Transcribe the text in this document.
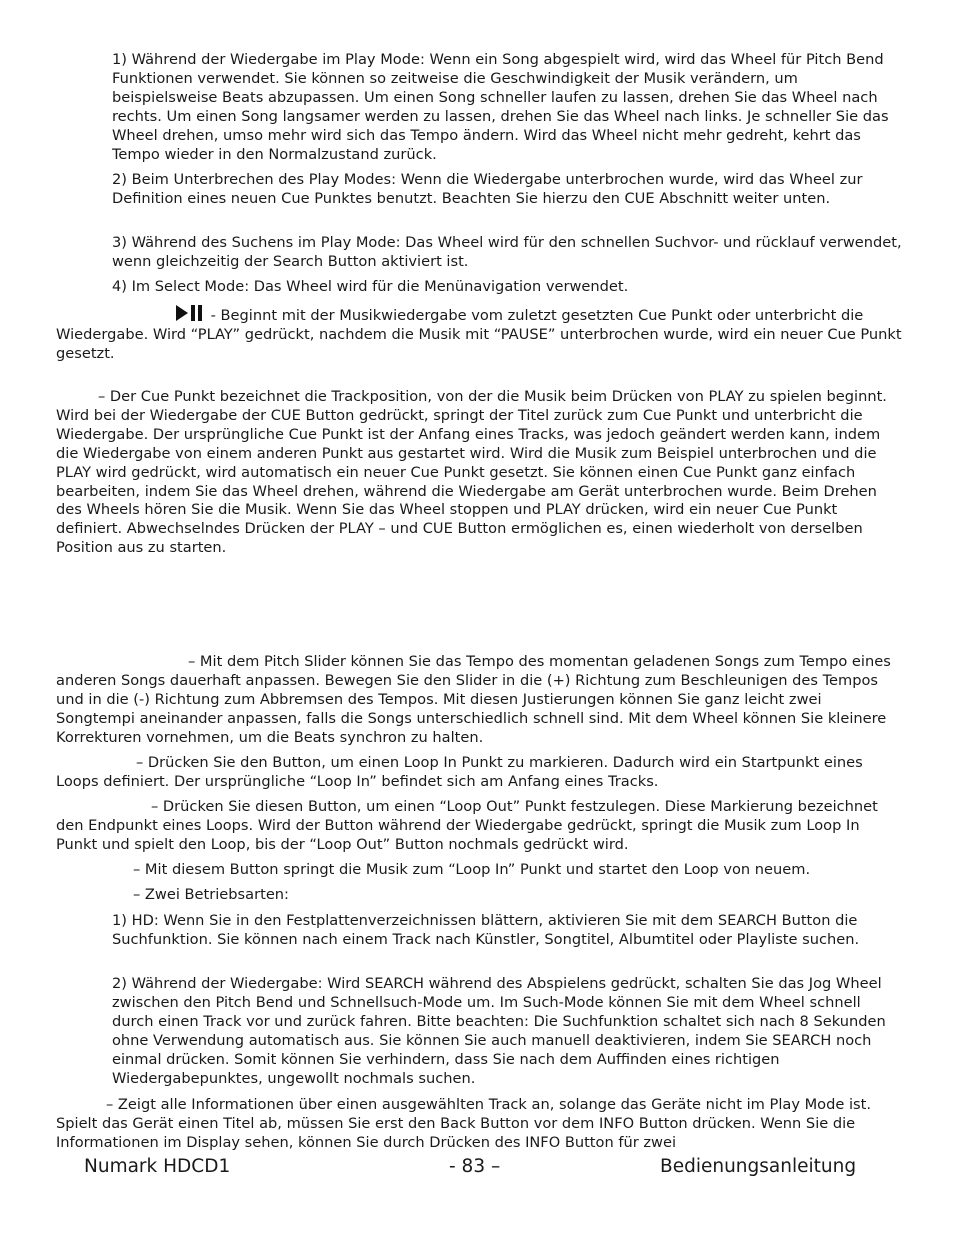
1) Während der Wiedergabe im Play Mode: Wenn ein Song abgespielt wird, wird das Wheel für Pitch Bend Funktionen verwendet. Sie können so zeitweise die Geschwindigkeit der Musik verändern, um beispielsweise Beats abzupassen. Um einen Song schneller laufen zu lassen, drehen Sie das Wheel nach rechts. Um einen Song langsamer werden zu lassen, drehen Sie das Wheel nach links. Je schneller Sie das Wheel drehen, umso mehr wird sich das Tempo ändern. Wird das Wheel nicht mehr gedreht, kehrt das Tempo wieder in den Normalzustand zurück.

2) Beim Unterbrechen des Play Modes: Wenn die Wiedergabe unterbrochen wurde, wird das Wheel zur Definition eines neuen Cue Punktes benutzt. Beachten Sie hierzu den CUE Abschnitt weiter unten.

3) Während des Suchens im Play Mode: Das Wheel wird für den schnellen Suchvor- und rücklauf verwendet, wenn gleichzeitig der Search Button aktiviert ist.

4) Im Select Mode: Das Wheel wird für die Menünavigation verwendet.

- Beginnt mit der Musikwiedergabe vom zuletzt gesetzten Cue Punkt oder unterbricht die Wiedergabe. Wird “PLAY” gedrückt, nachdem die Musik mit “PAUSE” unterbrochen wurde, wird ein neuer Cue Punkt gesetzt.

– Der Cue Punkt bezeichnet die Trackposition, von der die Musik beim Drücken von PLAY zu spielen beginnt. Wird bei der Wiedergabe der CUE Button gedrückt, springt der Titel zurück zum Cue Punkt und unterbricht die Wiedergabe. Der ursprüngliche Cue Punkt ist der Anfang eines Tracks, was jedoch geändert werden kann, indem die Wiedergabe von einem anderen Punkt aus gestartet wird. Wird die Musik zum Beispiel unterbrochen und die PLAY wird gedrückt, wird automatisch ein neuer Cue Punkt gesetzt. Sie können einen Cue Punkt ganz einfach bearbeiten, indem Sie das Wheel drehen, während die Wiedergabe am Gerät unterbrochen wurde. Beim Drehen des Wheels hören Sie die Musik. Wenn Sie das Wheel stoppen und PLAY drücken, wird ein neuer Cue Punkt definiert. Abwechselndes Drücken der PLAY – und CUE Button ermöglichen es, einen wiederholt von derselben Position aus zu starten.

– Mit dem Pitch Slider können Sie das Tempo des momentan geladenen Songs zum Tempo eines anderen Songs dauerhaft anpassen. Bewegen Sie den Slider in die (+) Richtung zum Beschleunigen des Tempos und in die (-) Richtung zum Abbremsen des Tempos. Mit diesen Justierungen können Sie ganz leicht zwei Songtempi aneinander anpassen, falls die Songs unterschiedlich schnell sind. Mit dem Wheel können Sie kleinere Korrekturen vornehmen, um die Beats synchron zu halten.

– Drücken Sie den Button, um einen Loop In Punkt zu markieren. Dadurch wird ein Startpunkt eines Loops definiert. Der ursprüngliche “Loop In” befindet sich am Anfang eines Tracks.

– Drücken Sie diesen Button, um einen “Loop Out” Punkt festzulegen. Diese Markierung bezeichnet den Endpunkt eines Loops. Wird der Button während der Wiedergabe gedrückt, springt die Musik zum Loop In Punkt und spielt den Loop, bis der “Loop Out” Button nochmals gedrückt wird.

– Mit diesem Button springt die Musik zum “Loop In” Punkt und startet den Loop von neuem.

– Zwei Betriebsarten:

1) HD: Wenn Sie in den Festplattenverzeichnissen blättern, aktivieren Sie mit dem SEARCH Button die Suchfunktion. Sie können nach einem Track nach Künstler, Songtitel, Albumtitel oder Playliste suchen.

2) Während der Wiedergabe: Wird SEARCH während des Abspielens gedrückt, schalten Sie das Jog Wheel zwischen den Pitch Bend und Schnellsuch-Mode um. Im Such-Mode können Sie mit dem Wheel schnell durch einen Track vor und zurück fahren. Bitte beachten: Die Suchfunktion schaltet sich nach 8 Sekunden ohne Verwendung automatisch aus. Sie können Sie auch manuell deaktivieren, indem Sie SEARCH noch einmal drücken. Somit können Sie verhindern, dass Sie nach dem Auffinden eines richtigen Wiedergabepunktes, ungewollt nochmals suchen.

– Zeigt alle Informationen über einen ausgewählten Track an, solange das Geräte nicht im Play Mode ist. Spielt das Gerät einen Titel ab, müssen Sie erst den Back Button vor dem INFO Button drücken. Wenn Sie die Informationen im Display sehen, können Sie durch Drücken des INFO Button für zwei

Numark HDCD1	- 83 –	Bedienungsanleitung
